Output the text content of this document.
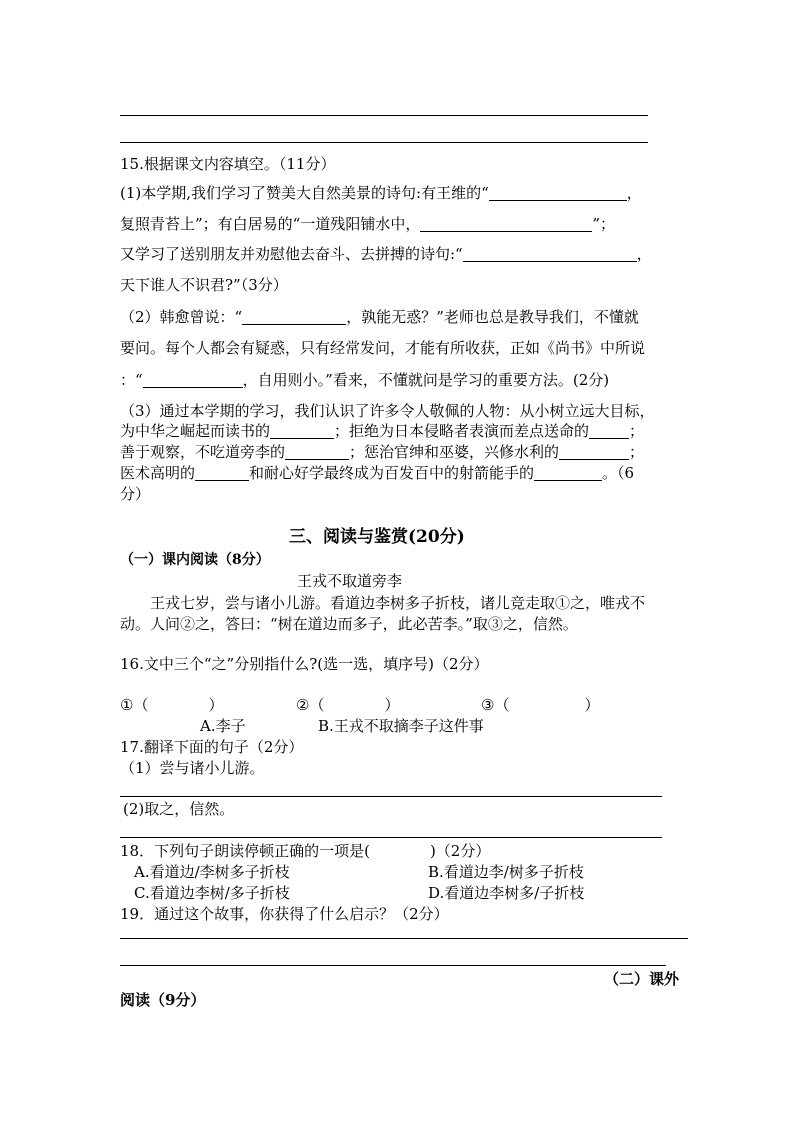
15.根据课文内容填空。（11分）
(1)本学期,我们学习了赞美大自然美景的诗句:有王维的“	，
复照青苔上”；有白居易的“一道残阳铺水中，	”；
又学习了送别朋友并劝慰他去奋斗、去拼搏的诗句:“	，
天下谁人不识君?”（3分）
（2）韩愈曾说：“	，孰能无惑？”老师也总是教导我们，不懂就
要问。每个人都会有疑惑，只有经常发问，才能有所收获，正如《尚书》中所说
：“	，自用则小。”看来，不懂就问是学习的重要方法。(2分)
（3）通过本学期的学习，我们认识了许多令人敬佩的人物：从小树立远大目标，
为中华之崛起而读书的	；拒绝为日本侵略者表演而差点送命的	；
善于观察，不吃道旁李的	；惩治官绅和巫婆，兴修水利的	；
医术高明的	和耐心好学最终成为百发百中的射箭能手的	。（6
分）
三、阅读与鉴赏(20分)
（一）课内阅读（8分）
王戎不取道旁李
王戎七岁，尝与诸小儿游。看道边李树多子折枝，诸儿竞走取①之，唯戎不
动。人问②之，答曰：“树在道边而多子，此必苦李。”取③之，信然。
16.文中三个“之”分别指什么?(选一选，填序号)（2分）
①（　　　　）	②（　　　　）	③（　　　　　）
A.李子	B.王戎不取摘李子这件事
17.翻译下面的句子（2分）
（1）尝与诸小儿游。
(2)取之，信然。
18．下列句子朗读停顿正确的一项是(　　　　)（2分）
A.看道边/李树多子折枝	B.看道边李/树多子折枝
C.看道边李树/多子折枝	D.看道边李树多/子折枝
19．通过这个故事，你获得了什么启示？（2分）
（二）课外
阅读（9分）
